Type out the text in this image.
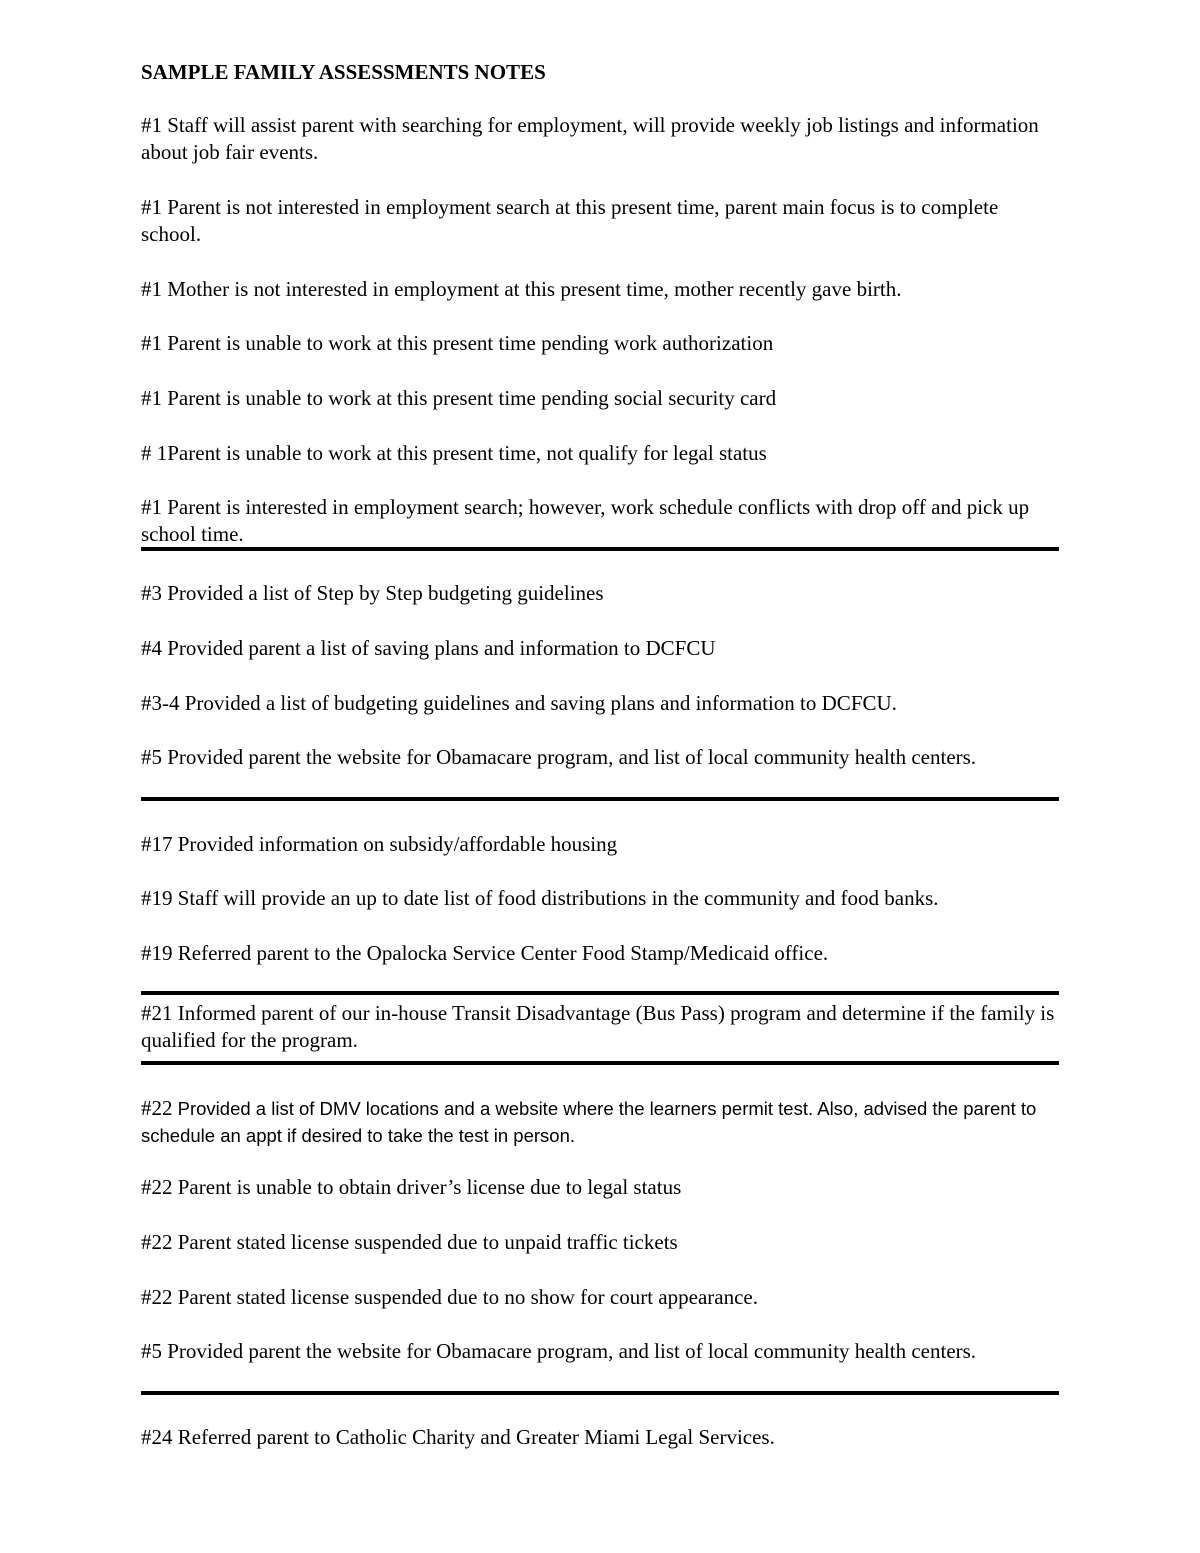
SAMPLE FAMILY ASSESSMENTS NOTES
#1 Staff will assist parent with searching for employment, will provide weekly job listings and information about job fair events.
#1 Parent is not interested in employment search at this present time, parent main focus is to complete school.
#1 Mother is not interested in employment at this present time, mother recently gave birth.
#1 Parent is unable to work at this present time pending work authorization
#1 Parent is unable to work at this present time pending social security card
# 1Parent is unable to work at this present time, not qualify for legal status
#1 Parent is interested in employment search; however, work schedule conflicts with drop off and pick up school time.
#3 Provided a list of Step by Step budgeting guidelines
#4 Provided parent a list of saving plans and information to DCFCU
#3-4 Provided a list of budgeting guidelines and saving plans and information to DCFCU.
#5 Provided parent the website for Obamacare program, and list of local community health centers.
#17 Provided information on subsidy/affordable housing
#19 Staff will provide an up to date list of food distributions in the community and food banks.
#19 Referred parent to the Opalocka Service Center Food Stamp/Medicaid office.
#21 Informed parent of our in-house Transit Disadvantage (Bus Pass) program and determine if the family is qualified for the program.
#22 Provided a list of DMV locations and a website where the learners permit test. Also, advised the parent to schedule an appt if desired to take the test in person.
#22 Parent is unable to obtain driver’s license due to legal status
#22 Parent stated license suspended due to unpaid traffic tickets
#22 Parent stated license suspended due to no show for court appearance.
#5 Provided parent the website for Obamacare program, and list of local community health centers.
#24 Referred parent to Catholic Charity and Greater Miami Legal Services.
